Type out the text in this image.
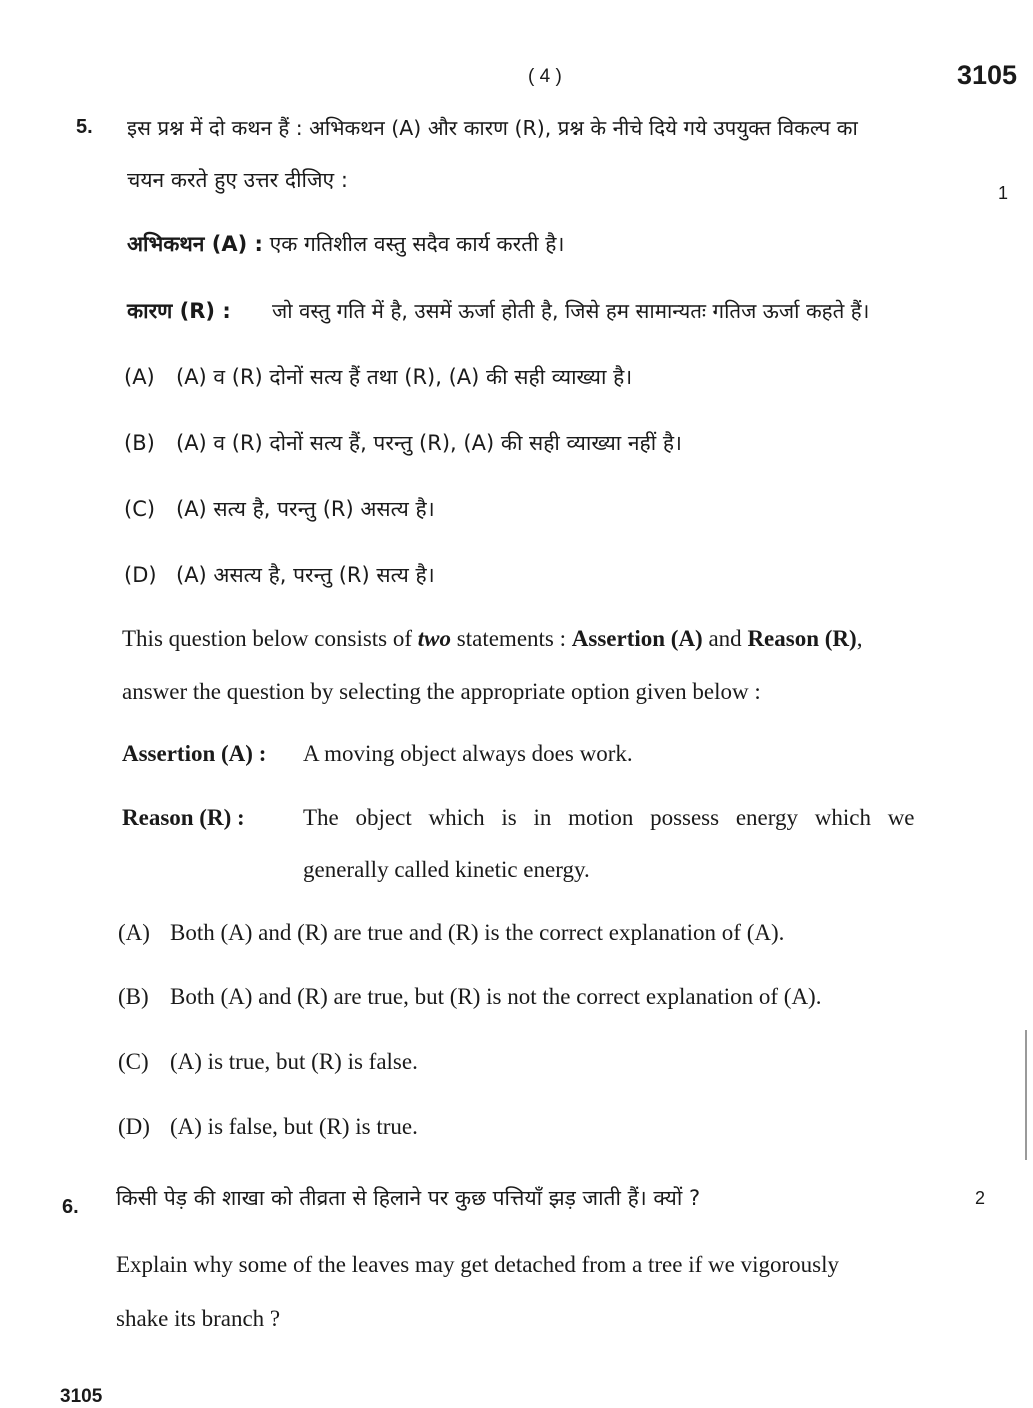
( 4 )	3105
5. इस प्रश्न में दो कथन हैं : अभिकथन (A) और कारण (R), प्रश्न के नीचे दिये गये उपयुक्त विकल्प का
चयन करते हुए उत्तर दीजिए :
1
अभिकथन (A) : एक गतिशील वस्तु सदैव कार्य करती है।
कारण (R) : जो वस्तु गति में है, उसमें ऊर्जा होती है, जिसे हम सामान्यतः गतिज ऊर्जा कहते हैं।
(A) (A) व (R) दोनों सत्य हैं तथा (R), (A) की सही व्याख्या है।
(B) (A) व (R) दोनों सत्य हैं, परन्तु (R), (A) की सही व्याख्या नहीं है।
(C) (A) सत्य है, परन्तु (R) असत्य है।
(D) (A) असत्य है, परन्तु (R) सत्य है।
This question below consists of two statements : Assertion (A) and Reason (R),
answer the question by selecting the appropriate option given below :
Assertion (A) : A moving object always does work.
Reason (R) :	The object which is in motion possess energy which we
generally called kinetic energy.
(A) Both (A) and (R) are true and (R) is the correct explanation of (A).
(B) Both (A) and (R) are true, but (R) is not the correct explanation of (A).
(C) (A) is true, but (R) is false.
(D) (A) is false, but (R) is true.
6. किसी पेड़ की शाखा को तीव्रता से हिलाने पर कुछ पत्तियाँ झड़ जाती हैं। क्यों ?	2
Explain why some of the leaves may get detached from a tree if we vigorously
shake its branch ?
3105
